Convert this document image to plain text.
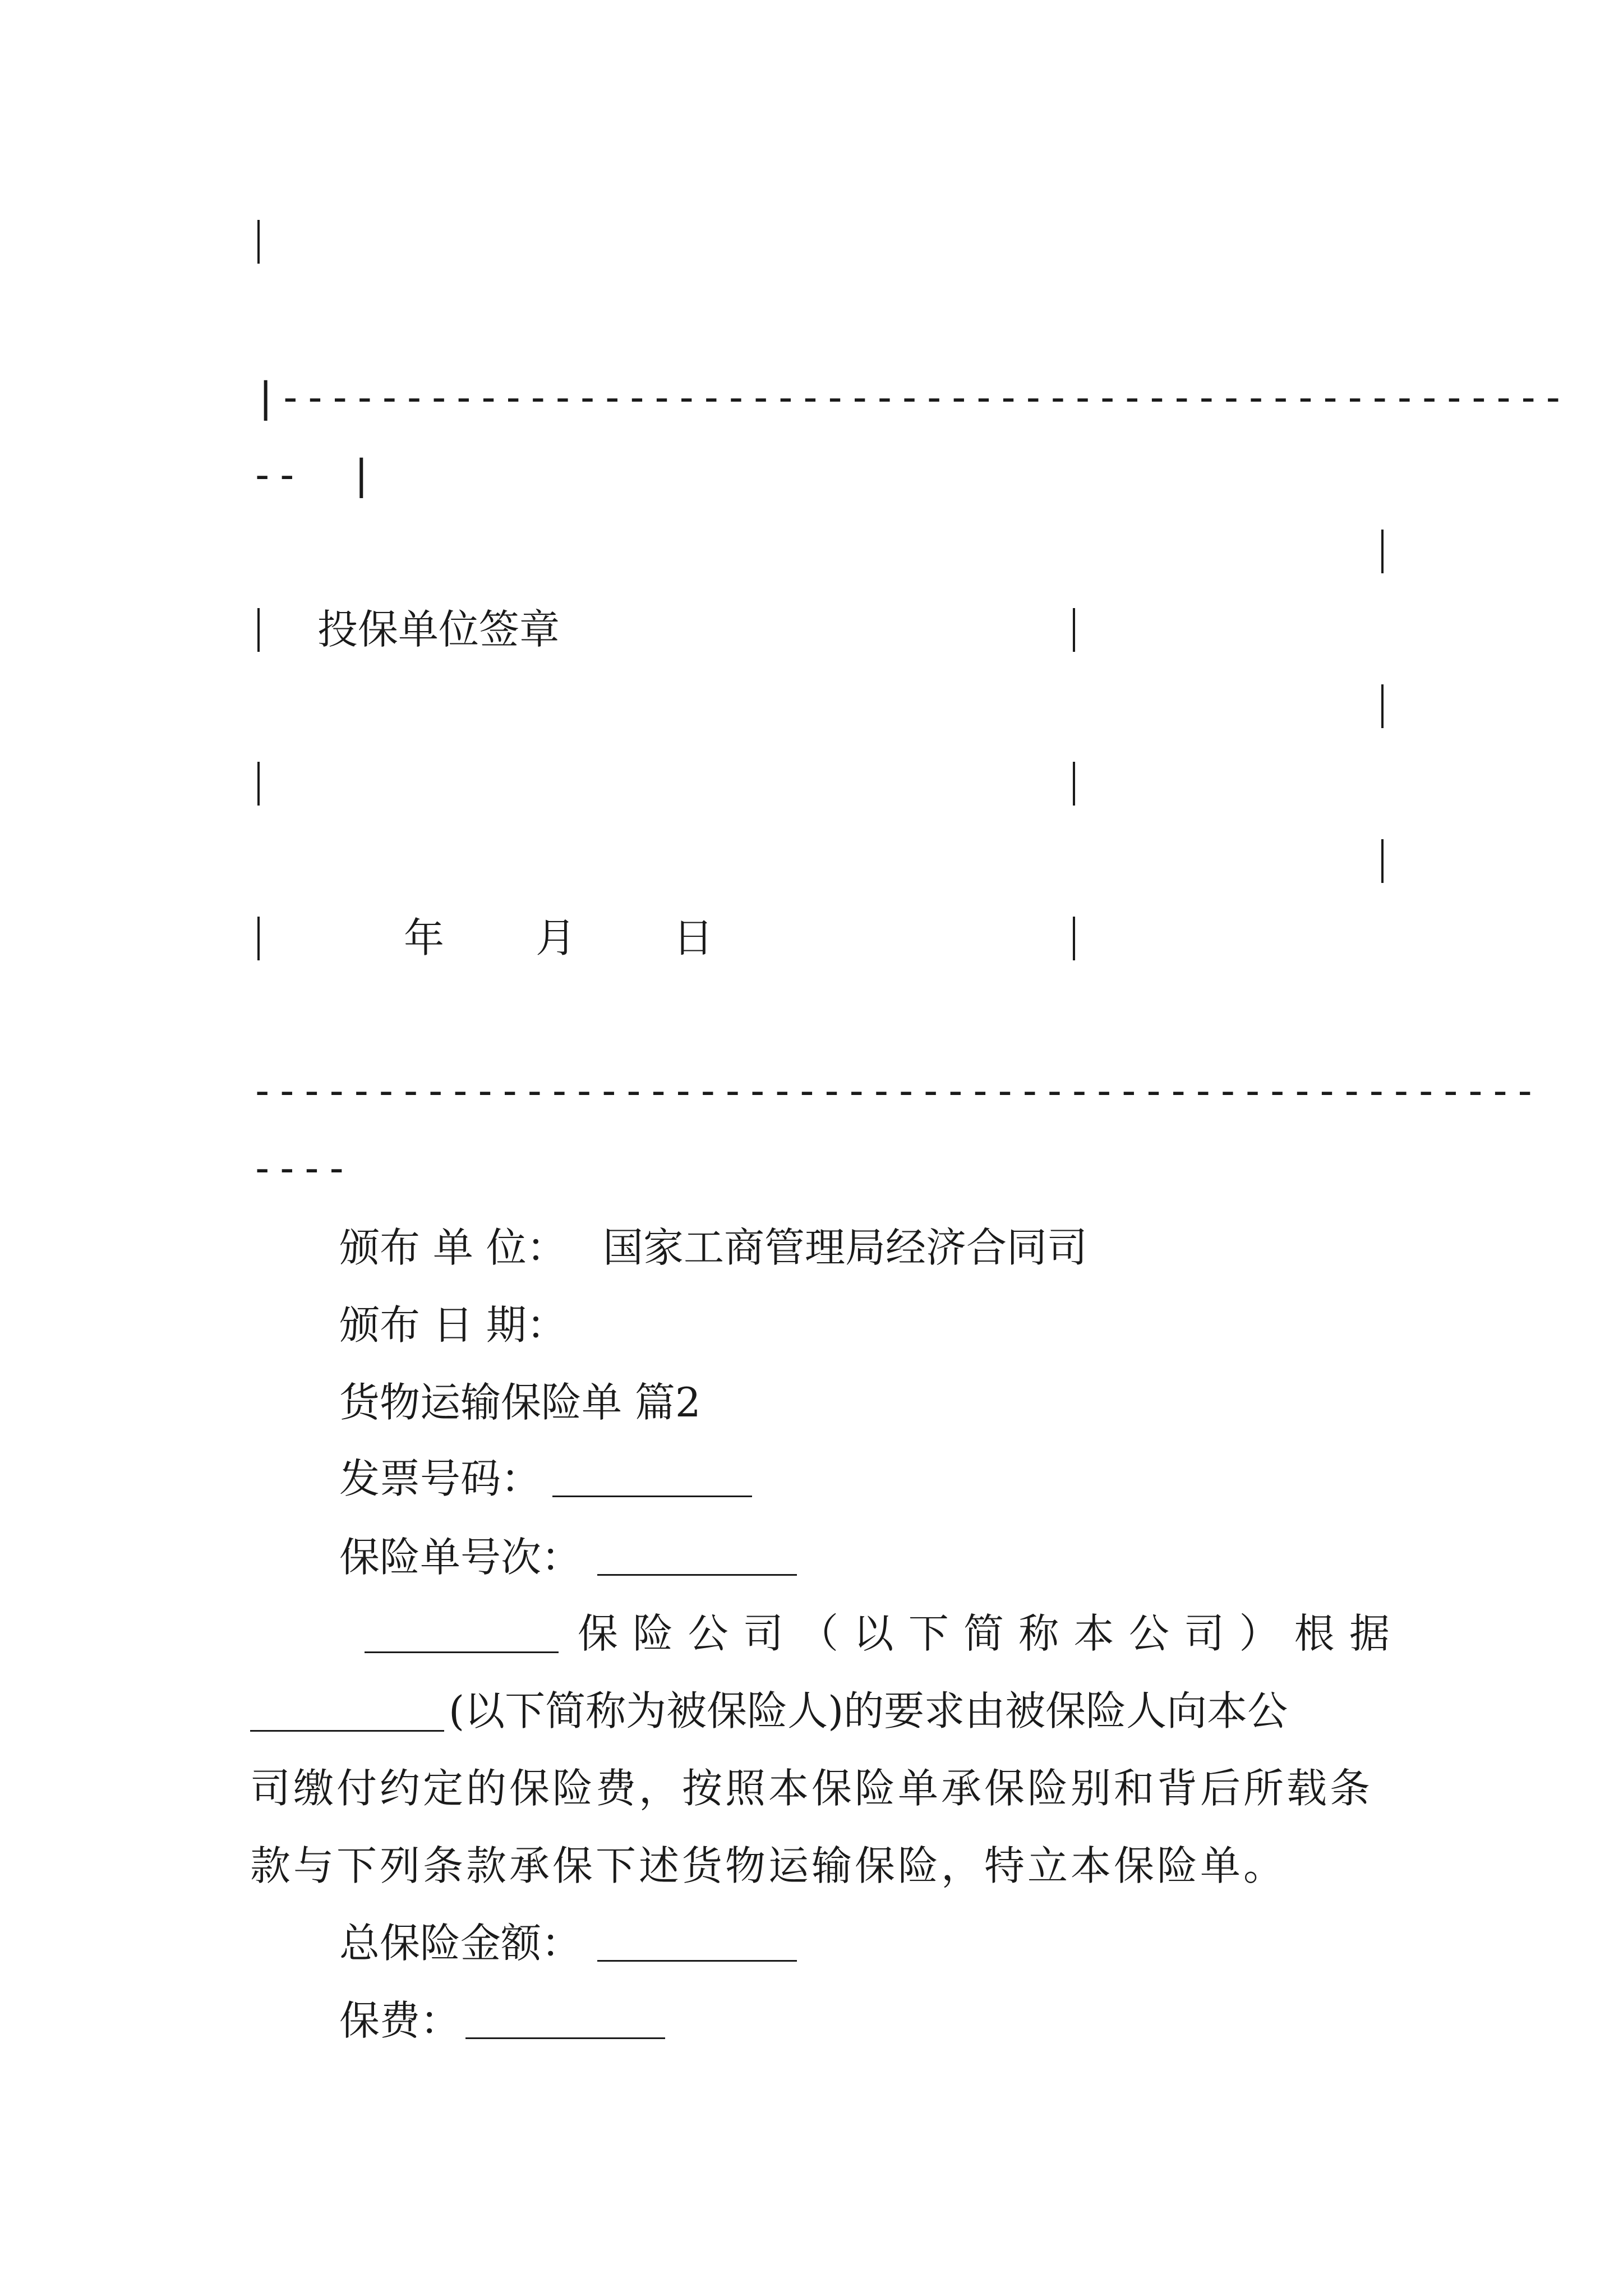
|----------------------------------------------------
--  |
投保单位签章
年 月 日
----------------------------------------------------
----
颁布 单 位： 国家工商管理局经济合同司
颁布 日 期：
货物运输保险单 篇2
发票号码：
保险单号次：
保 险 公 司 （ 以 下 简 称 本 公 司 ） 根 据
(以下简称为被保险人)的要求由被保险人向本公
司缴付约定的保险费，按照本保险单承保险别和背后所载条
款与下列条款承保下述货物运输保险，特立本保险单。
总保险金额：
保费：
